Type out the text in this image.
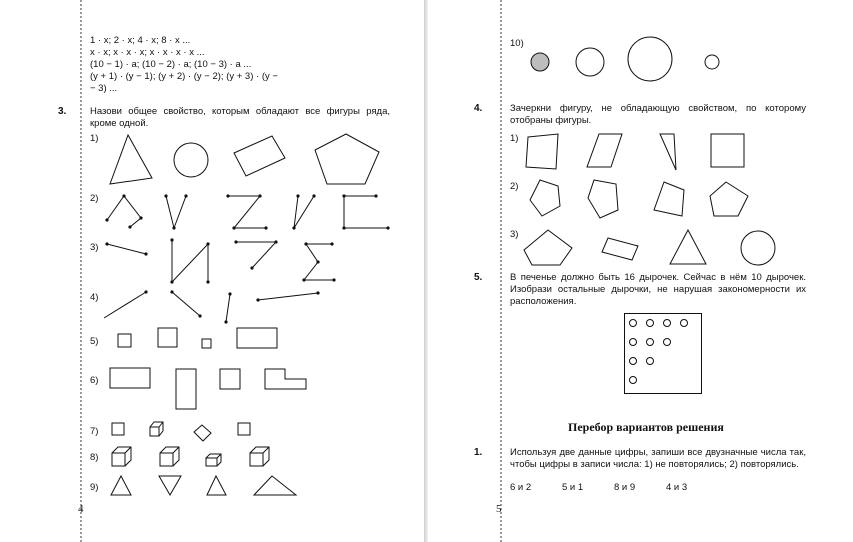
1 · x; 2 · x; 4 · x; 8 · x ...
x · x; x · x · x; x · x · x · x ...
(10 − 1) · a; (10 − 2) · a; (10 − 3) · a ...
(y + 1) · (y − 1); (y + 2) · (y − 2); (y + 3) · (y −
− 3) ...
3. Назови общее свойство, которым обладают все фигуры ряда, кроме одной.
1)
2)
3)
4)
5)
6)
7)
8)
9)
4
10)
4.	Зачеркни фигуру, не обладающую свойством, по которому отобраны фигуры.
1)
2)
3)
5.	В печенье должно быть 16 дырочек. Сейчас в нём 10 дырочек. Изобрази остальные дырочки, не нарушая закономерности их расположения.
Перебор вариантов решения
1.	Используя две данные цифры, запиши все двузначные числа так, чтобы цифры в записи числа: 1) не повторялись; 2) повторялись.
6 и 2	5 и 1	8 и 9	4 и 3
5
